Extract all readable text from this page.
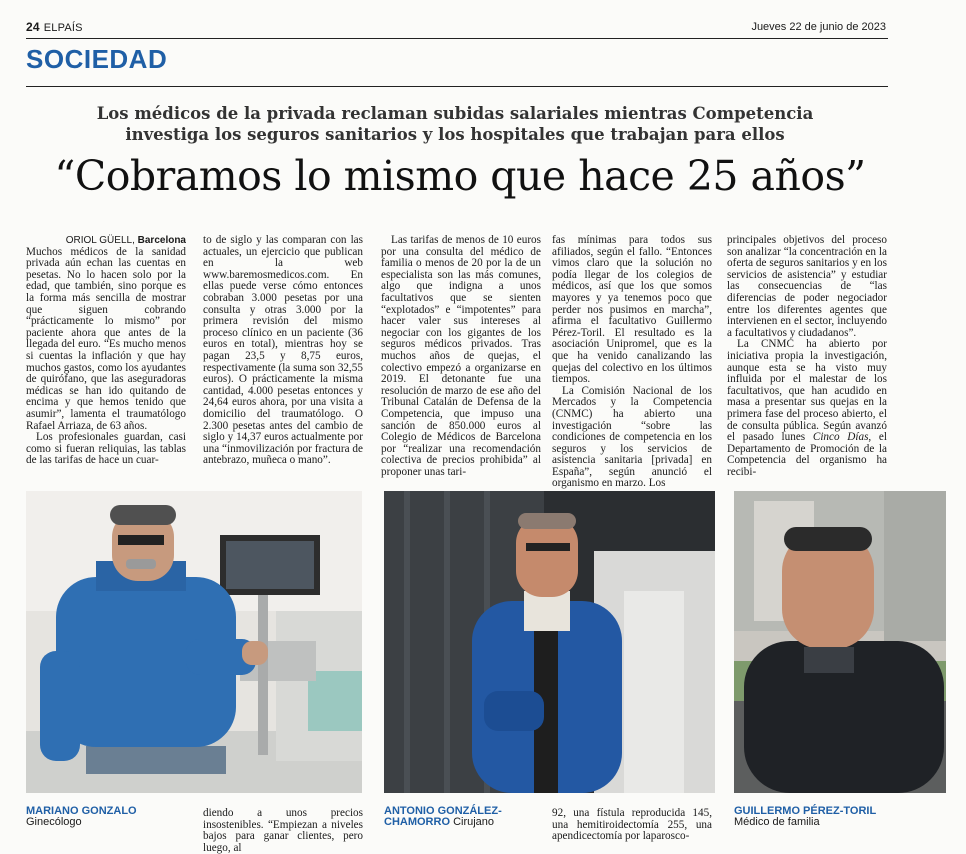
24 ELPAÍS	Jueves 22 de junio de 2023
SOCIEDAD
Los médicos de la privada reclaman subidas salariales mientras Competencia
investiga los seguros sanitarios y los hospitales que trabajan para ellos
“Cobramos lo mismo que hace 25 años”
ORIOL GÜELL, Barcelona

Muchos médicos de la sanidad privada aún echan las cuentas en pesetas. No lo hacen solo por la edad, que también, sino porque es la forma más sencilla de mostrar que siguen cobrando “prácticamente lo mismo” por paciente ahora que antes de la llegada del euro. “Es mucho menos si cuentas la inflación y que hay muchos gastos, como los ayudantes de quirófano, que las aseguradoras médicas se han ido quitando de encima y que hemos tenido que asumir”, lamenta el traumatólogo Rafael Arriaza, de 63 años.

Los profesionales guardan, casi como si fueran reliquias, las tablas de las tarifas de hace un cuar-

to de siglo y las comparan con las actuales, un ejercicio que publican en la web www.baremosmedicos.com. En ellas puede verse cómo entonces cobraban 3.000 pesetas por una consulta y otras 3.000 por la primera revisión del mismo proceso clínico en un paciente (36 euros en total), mientras hoy se pagan 23,5 y 8,75 euros, respectivamente (la suma son 32,55 euros). O prácticamente la misma cantidad, 4.000 pesetas entonces y 24,64 euros ahora, por una visita a domicilio del traumatólogo. O 2.300 pesetas antes del cambio de siglo y 14,37 euros actualmente por una “inmovilización por fractura de antebrazo, muñeca o mano”.

Las tarifas de menos de 10 euros por una consulta del médico de familia o menos de 20 por la de un especialista son las más comunes, algo que indigna a unos facultativos que se sienten “explotados” e “impotentes” para hacer valer sus intereses al negociar con los gigantes de los seguros médicos privados. Tras muchos años de quejas, el colectivo empezó a organizarse en 2019. El detonante fue una resolución de marzo de ese año del Tribunal Catalán de Defensa de la Competencia, que impuso una sanción de 850.000 euros al Colegio de Médicos de Barcelona por “realizar una recomendación colectiva de precios prohibida” al proponer unas tari-

fas mínimas para todos sus afiliados, según el fallo. “Entonces vimos claro que la solución no podía llegar de los colegios de médicos, así que los que somos mayores y ya tenemos poco que perder nos pusimos en marcha”, afirma el facultativo Guillermo Pérez-Toril. El resultado es la asociación Unipromel, que es la que ha venido canalizando las quejas del colectivo en los últimos tiempos.

La Comisión Nacional de los Mercados y la Competencia (CNMC) ha abierto una investigación “sobre las condiciones de competencia en los seguros y los servicios de asistencia sanitaria [privada] en España”, según anunció el organismo en marzo. Los

principales objetivos del proceso son analizar “la concentración en la oferta de seguros sanitarios y en los servicios de asistencia” y estudiar las consecuencias de “las diferencias de poder negociador entre los diferentes agentes que intervienen en el sector, incluyendo a facultativos y ciudadanos”.

La CNMC ha abierto por iniciativa propia la investigación, aunque esta se ha visto muy influida por el malestar de los facultativos, que han acudido en masa a presentar sus quejas en la primera fase del proceso abierto, el de consulta pública. Según avanzó el pasado lunes Cinco Días, el Departamento de Promoción de la Competencia del organismo ha recibi-

MARIANO GONZALO
Ginecólogo
diendo a unos precios insostenibles. “Empiezan a niveles bajos para ganar clientes, pero luego, al
ANTONIO GONZÁLEZ-CHAMORRO Cirujano
92, una fístula reproducida 145, una hemitiroidectomía 255, una apendicectomía por laparosco-
GUILLERMO PÉREZ-TORIL Médico de familia
